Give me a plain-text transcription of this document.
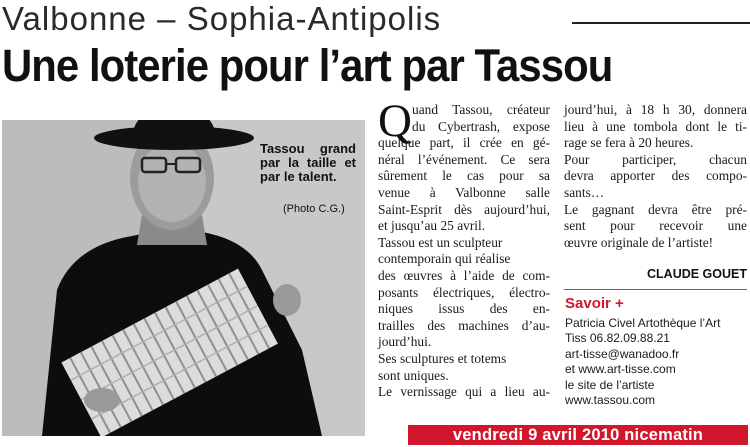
Valbonne – Sophia-Antipolis
Une loterie pour l’art par Tassou
Tassou grand par la taille et par le talent.
(Photo C.G.)
Q uand Tassou, créateur
du Cybertrash, expose
quelque part, il crée en gé-
néral l’événement. Ce sera
sûrement le cas pour sa
venue à Valbonne salle
Saint-Esprit dès aujourd’hui,
et jusqu’au 25 avril.
Tassou est un sculpteur
contemporain qui réalise
des œuvres à l’aide de com-
posants électriques, électro-
niques issus des en-
trailles des machines d’au-
jourd’hui.
Ses sculptures et totems
sont uniques.
Le vernissage qui a lieu au-
jourd’hui, à 18 h 30, donnera
lieu à une tombola dont le ti-
rage se fera à 20 heures.
Pour participer, chacun
devra apporter des compo-
sants…
Le gagnant devra être pré-
sent pour recevoir une
œuvre originale de l’artiste!
CLAUDE GOUET
Savoir +
Patricia Civel Artothèque l’Art
Tiss 06.82.09.88.21
art-tisse@wanadoo.fr
et www.art-tisse.com
le site de l’artiste
www.tassou.com
vendredi 9 avril 2010 nicematin
